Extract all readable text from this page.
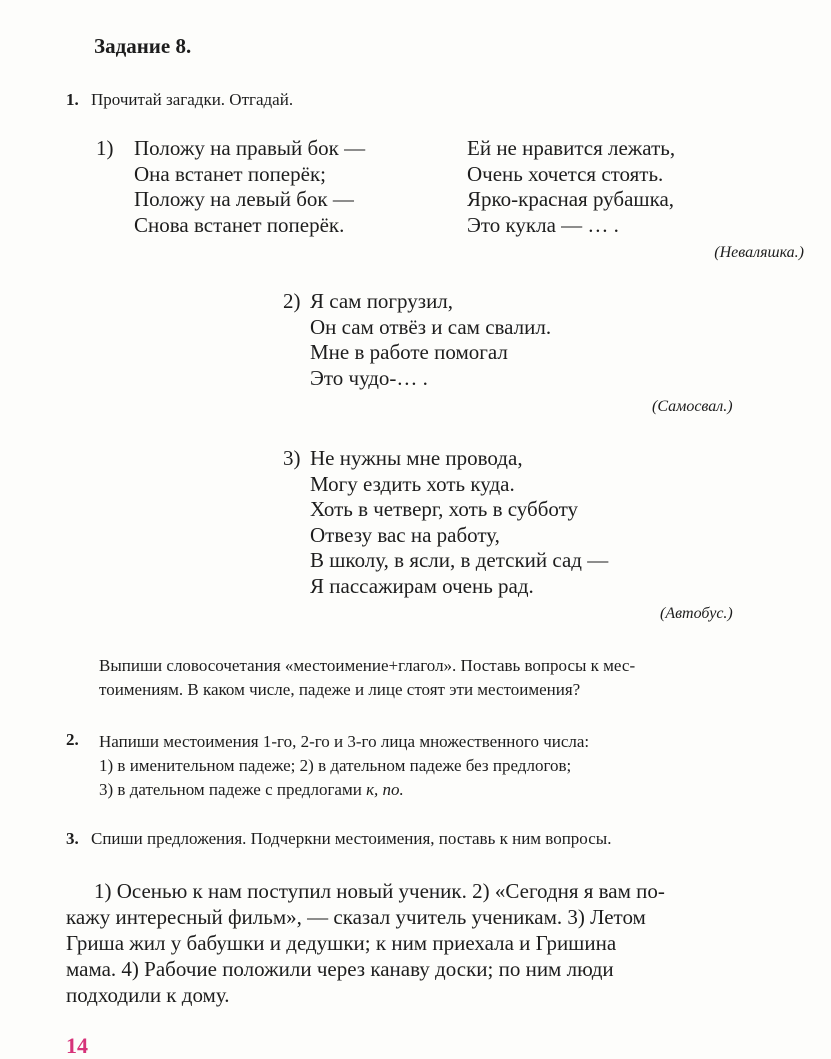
Задание 8.
1. Прочитай загадки. Отгадай.
1) Положу на правый бок —
Она встанет поперёк;
Положу на левый бок —
Снова встанет поперёк.
Ей не нравится лежать,
Очень хочется стоять.
Ярко-красная рубашка,
Это кукла — … .
(Неваляшка.)
2) Я сам погрузил,
Он сам отвёз и сам свалил.
Мне в работе помогал
Это чудо-… .
(Самосвал.)
3) Не нужны мне провода,
Могу ездить хоть куда.
Хоть в четверг, хоть в субботу
Отвезу вас на работу,
В школу, в ясли, в детский сад —
Я пассажирам очень рад.
(Автобус.)
Выпиши словосочетания «местоимение+глагол». Поставь вопросы к мес-
тоимениям. В каком числе, падеже и лице стоят эти местоимения?
2. Напиши местоимения 1-го, 2-го и 3-го лица множественного числа:
1) в именительном падеже; 2) в дательном падеже без предлогов;
3) в дательном падеже с предлогами к, по.
3. Спиши предложения. Подчеркни местоимения, поставь к ним вопросы.
1) Осенью к нам поступил новый ученик. 2) «Сегодня я вам по-
кажу интересный фильм», — сказал учитель ученикам. 3) Летом
Гриша жил у бабушки и дедушки; к ним приехала и Гришина
мама. 4) Рабочие положили через канаву доски; по ним люди
подходили к дому.
14
